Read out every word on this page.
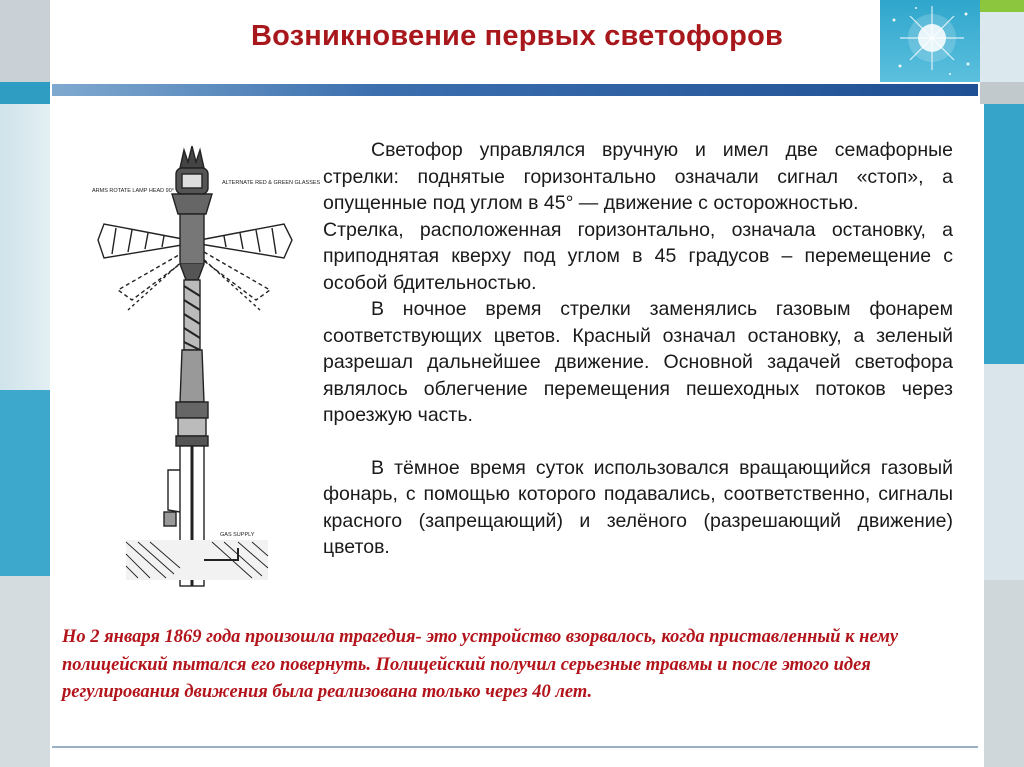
Возникновение первых светофоров
ALTERNATE RED & GREEN GLASSES
ARMS ROTATE LAMP HEAD 90°
GAS SUPPLY

Светофор управлялся вручную и имел две семафорные стрелки: поднятые горизонтально означали сигнал «стоп», а опущенные под углом в 45° — движение с осторожностью.

Стрелка, расположенная горизонтально, означала остановку, а приподнятая кверху под углом в 45 градусов – перемещение с особой бдительностью.

В ночное время стрелки заменялись газовым фонарем соответствующих цветов. Красный означал остановку, а зеленый разрешал дальнейшее движение. Основной задачей светофора являлось облегчение перемещения пешеходных потоков через проезжую часть.

В тёмное время суток использовался вращающийся газовый фонарь, с помощью которого подавались, соответственно, сигналы красного (запрещающий) и зелёного (разрешающий движение) цветов.

Но 2 января 1869 года произошла трагедия- это устройство взорвалось, когда приставленный к нему полицейский пытался его повернуть. Полицейский получил серьезные травмы и после этого идея регулирования движения была реализована только через 40 лет.
